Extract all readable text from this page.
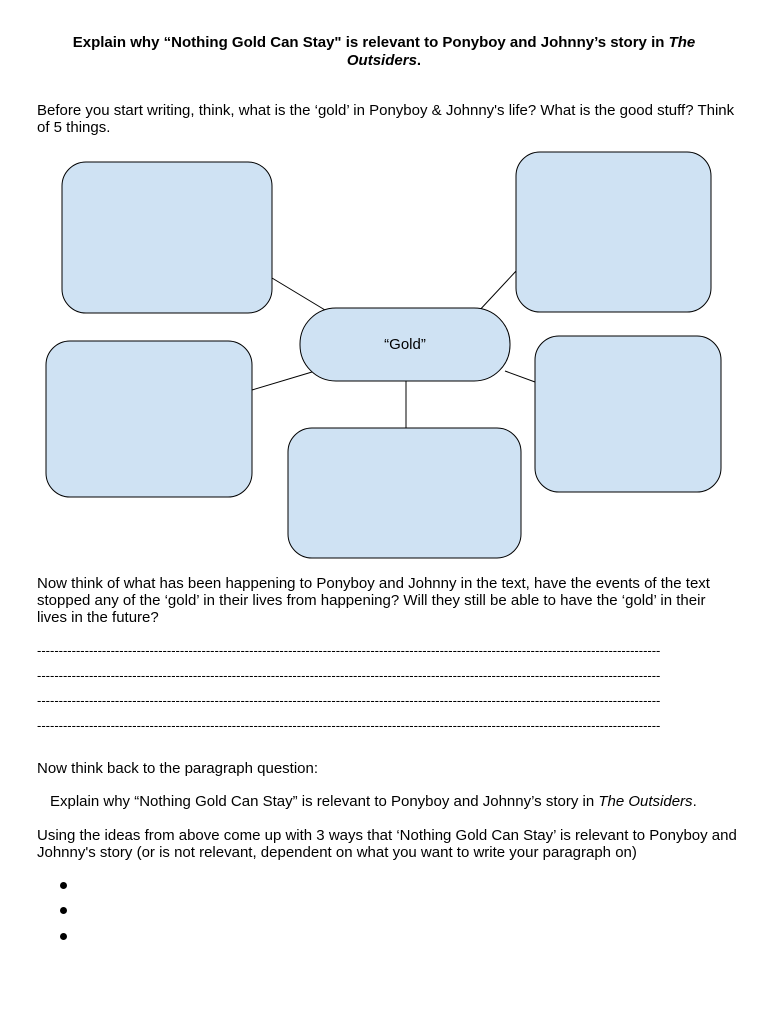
Explain why “Nothing Gold Can Stay" is relevant to Ponyboy and Johnny’s story in The Outsiders.
Before you start writing, think, what is the ‘gold’ in Ponyboy & Johnny's life? What is the good stuff? Think of 5 things.
“Gold”
Now think of what has been happening to Ponyboy and Johnny in the text, have the events of the text stopped any of the ‘gold’ in their lives from happening? Will they still be able to have the ‘gold’ in their lives in the future?
------------------------------------------------------------------------------------------------------------------------------------------------
------------------------------------------------------------------------------------------------------------------------------------------------
------------------------------------------------------------------------------------------------------------------------------------------------
------------------------------------------------------------------------------------------------------------------------------------------------
Now think back to the paragraph question:
Explain why “Nothing Gold Can Stay” is relevant to Ponyboy and Johnny’s story in The Outsiders.
Using the ideas from above come up with 3 ways that ‘Nothing Gold Can Stay’ is relevant to Ponyboy and Johnny's story (or is not relevant, dependent on what you want to write your paragraph on)
